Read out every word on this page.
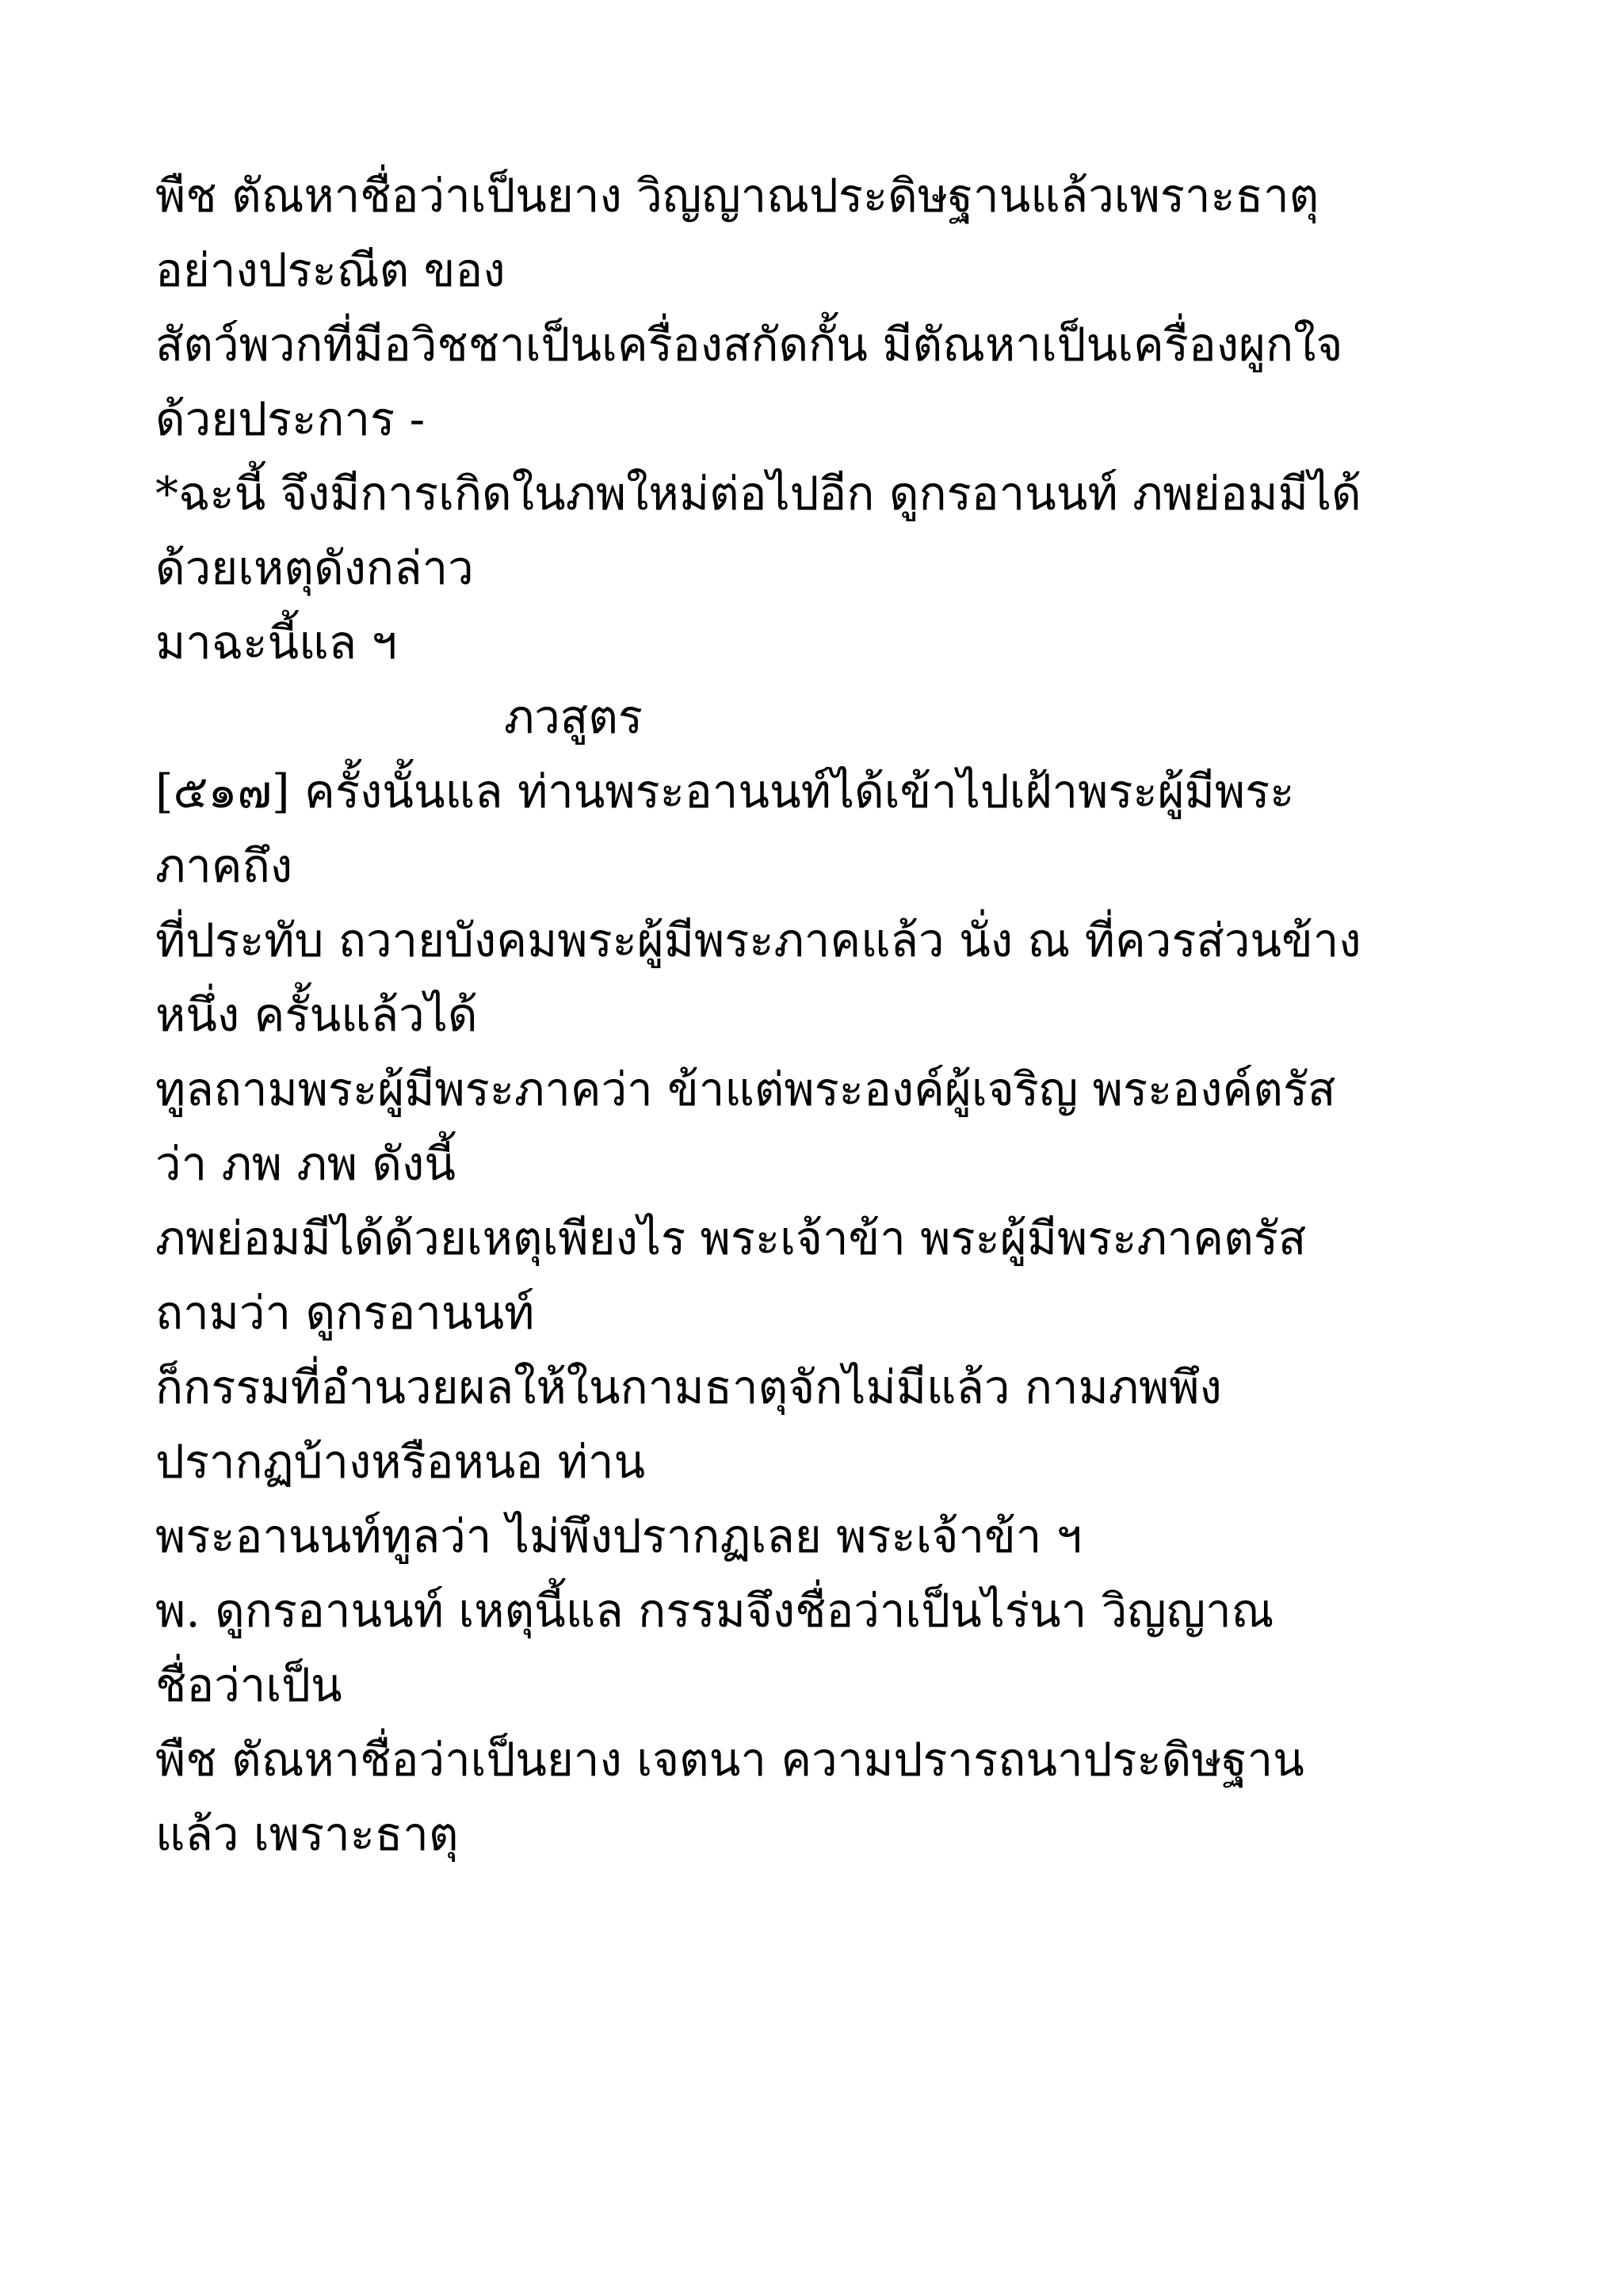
พืช ตัณหาชื่อว่าเป็นยาง วิญญาณประดิษฐานแล้วเพราะธาตุ
อย่างประณีต ของ
สัตว์พวกที่มีอวิชชาเป็นเครื่องสกัดกั้น มีตัณหาเป็นเครื่องผูกใจ
ด้วยประการ -
*ฉะนี้ จึงมีการเกิดในภพใหม่ต่อไปอีก ดูกรอานนท์ ภพย่อมมีได้
ด้วยเหตุดังกล่าว
มาฉะนี้แล ฯ
ภวสูตร
[๕๑๗] ครั้งนั้นแล ท่านพระอานนท์ได้เข้าไปเฝ้าพระผู้มีพระ
ภาคถึง
ที่ประทับ ถวายบังคมพระผู้มีพระภาคแล้ว นั่ง ณ ที่ควรส่วนข้าง
หนึ่ง ครั้นแล้วได้
ทูลถามพระผู้มีพระภาคว่า ข้าแต่พระองค์ผู้เจริญ พระองค์ตรัส
ว่า ภพ ภพ ดังนี้
ภพย่อมมีได้ด้วยเหตุเพียงไร พระเจ้าข้า พระผู้มีพระภาคตรัส
ถามว่า ดูกรอานนท์
ก็กรรมที่อำนวยผลให้ในกามธาตุจักไม่มีแล้ว กามภพพึง
ปรากฏบ้างหรือหนอ ท่าน
พระอานนท์ทูลว่า ไม่พึงปรากฏเลย พระเจ้าข้า ฯ
พ. ดูกรอานนท์ เหตุนี้แล กรรมจึงชื่อว่าเป็นไร่นา วิญญาณ
ชื่อว่าเป็น
พืช ตัณหาชื่อว่าเป็นยาง เจตนา ความปรารถนาประดิษฐาน
แล้ว เพราะธาตุ
